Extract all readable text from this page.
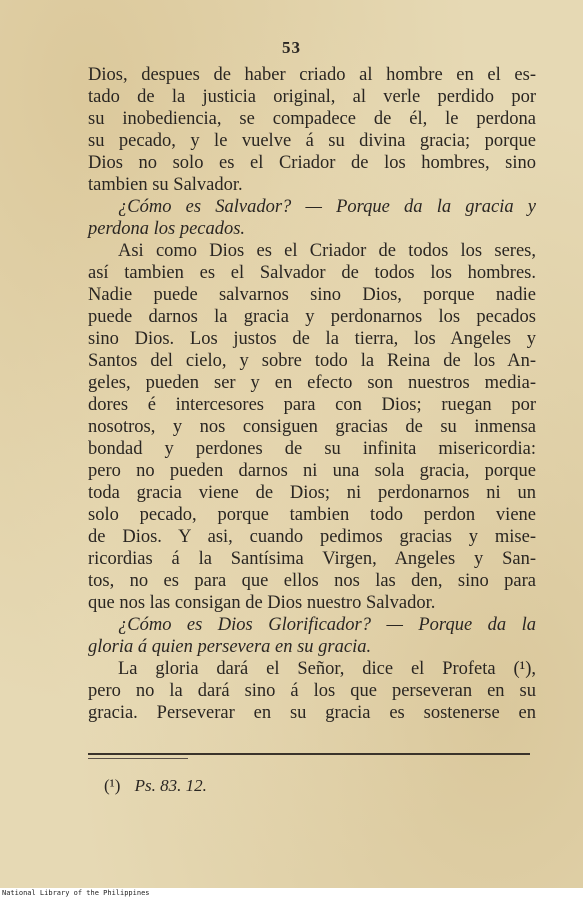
53
Dios, despues de haber criado al hombre en el es-
tado de la justicia original, al verle perdido por
su inobediencia, se compadece de él, le perdona
su pecado, y le vuelve á su divina gracia; porque
Dios no solo es el Criador de los hombres, sino
tambien su Salvador.
¿Cómo es Salvador? — Porque da la gracia y
perdona los pecados.
Asi como Dios es el Criador de todos los seres,
así tambien es el Salvador de todos los hombres.
Nadie puede salvarnos sino Dios, porque nadie
puede darnos la gracia y perdonarnos los pecados
sino Dios. Los justos de la tierra, los Angeles y
Santos del cielo, y sobre todo la Reina de los An-
geles, pueden ser y en efecto son nuestros media-
dores é intercesores para con Dios; ruegan por
nosotros, y nos consiguen gracias de su inmensa
bondad y perdones de su infinita misericordia:
pero no pueden darnos ni una sola gracia, porque
toda gracia viene de Dios; ni perdonarnos ni un
solo pecado, porque tambien todo perdon viene
de Dios. Y asi, cuando pedimos gracias y mise-
ricordias á la Santísima Virgen, Angeles y San-
tos, no es para que ellos nos las den, sino para
que nos las consigan de Dios nuestro Salvador.
¿Cómo es Dios Glorificador? — Porque da la
gloria á quien persevera en su gracia.
La gloria dará el Señor, dice el Profeta (¹),
pero no la dará sino á los que perseveran en su
gracia. Perseverar en su gracia es sostenerse en
(¹) Ps. 83. 12.
National Library of the Philippines
